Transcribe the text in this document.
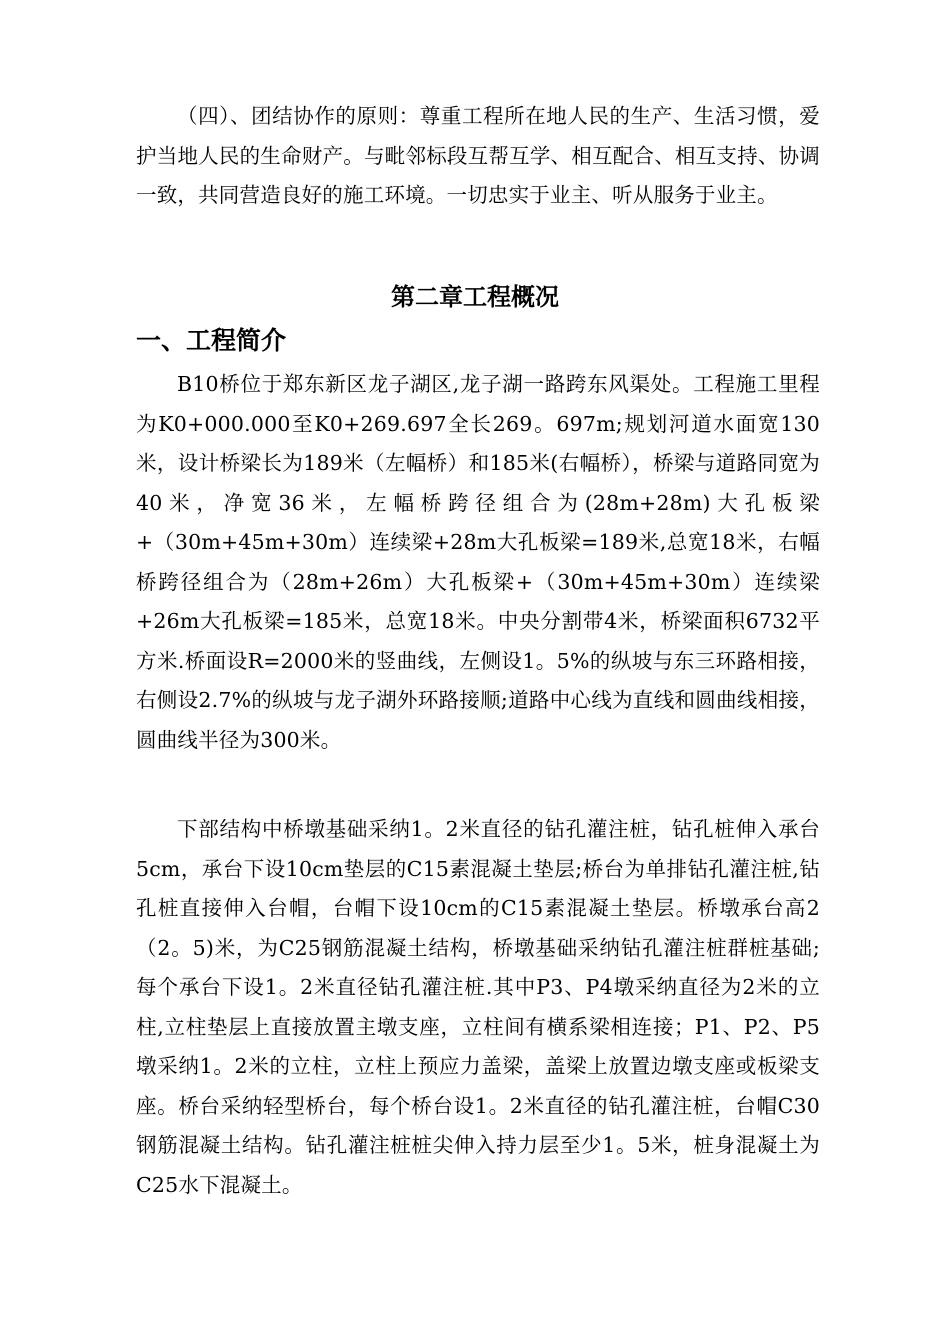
（四）、团结协作的原则：尊重工程所在地人民的生产、生活习惯，爱护当地人民的生命财产。与毗邻标段互帮互学、相互配合、相互支持、协调一致，共同营造良好的施工环境。一切忠实于业主、听从服务于业主。

第二章工程概况
一、工程简介

B10桥位于郑东新区龙子湖区,龙子湖一路跨东风渠处。工程施工里程为K0+000.000至K0+269.697全长269。697m;规划河道水面宽130米，设计桥梁长为189米（左幅桥）和185米(右幅桥），桥梁与道路同宽为40米，净宽36米，左幅桥跨径组合为(28m+28m)大孔板梁+（30m+45m+30m）连续梁+28m大孔板梁=189米,总宽18米，右幅桥跨径组合为（28m+26m）大孔板梁+（30m+45m+30m）连续梁+26m大孔板梁=185米，总宽18米。中央分割带4米，桥梁面积6732平方米.桥面设R=2000米的竖曲线，左侧设1。5%的纵坡与东三环路相接，右侧设2.7%的纵坡与龙子湖外环路接顺;道路中心线为直线和圆曲线相接，圆曲线半径为300米。

下部结构中桥墩基础采纳1。2米直径的钻孔灌注桩，钻孔桩伸入承台5cm，承台下设10cm垫层的C15素混凝土垫层;桥台为单排钻孔灌注桩,钻孔桩直接伸入台帽，台帽下设10cm的C15素混凝土垫层。桥墩承台高2（2。5)米，为C25钢筋混凝土结构，桥墩基础采纳钻孔灌注桩群桩基础;每个承台下设1。2米直径钻孔灌注桩.其中P3、P4墩采纳直径为2米的立柱,立柱垫层上直接放置主墩支座，立柱间有横系梁相连接；P1、P2、P5墩采纳1。2米的立柱，立柱上预应力盖梁，盖梁上放置边墩支座或板梁支座。桥台采纳轻型桥台，每个桥台设1。2米直径的钻孔灌注桩，台帽C30钢筋混凝土结构。钻孔灌注桩桩尖伸入持力层至少1。5米，桩身混凝土为C25水下混凝土。
